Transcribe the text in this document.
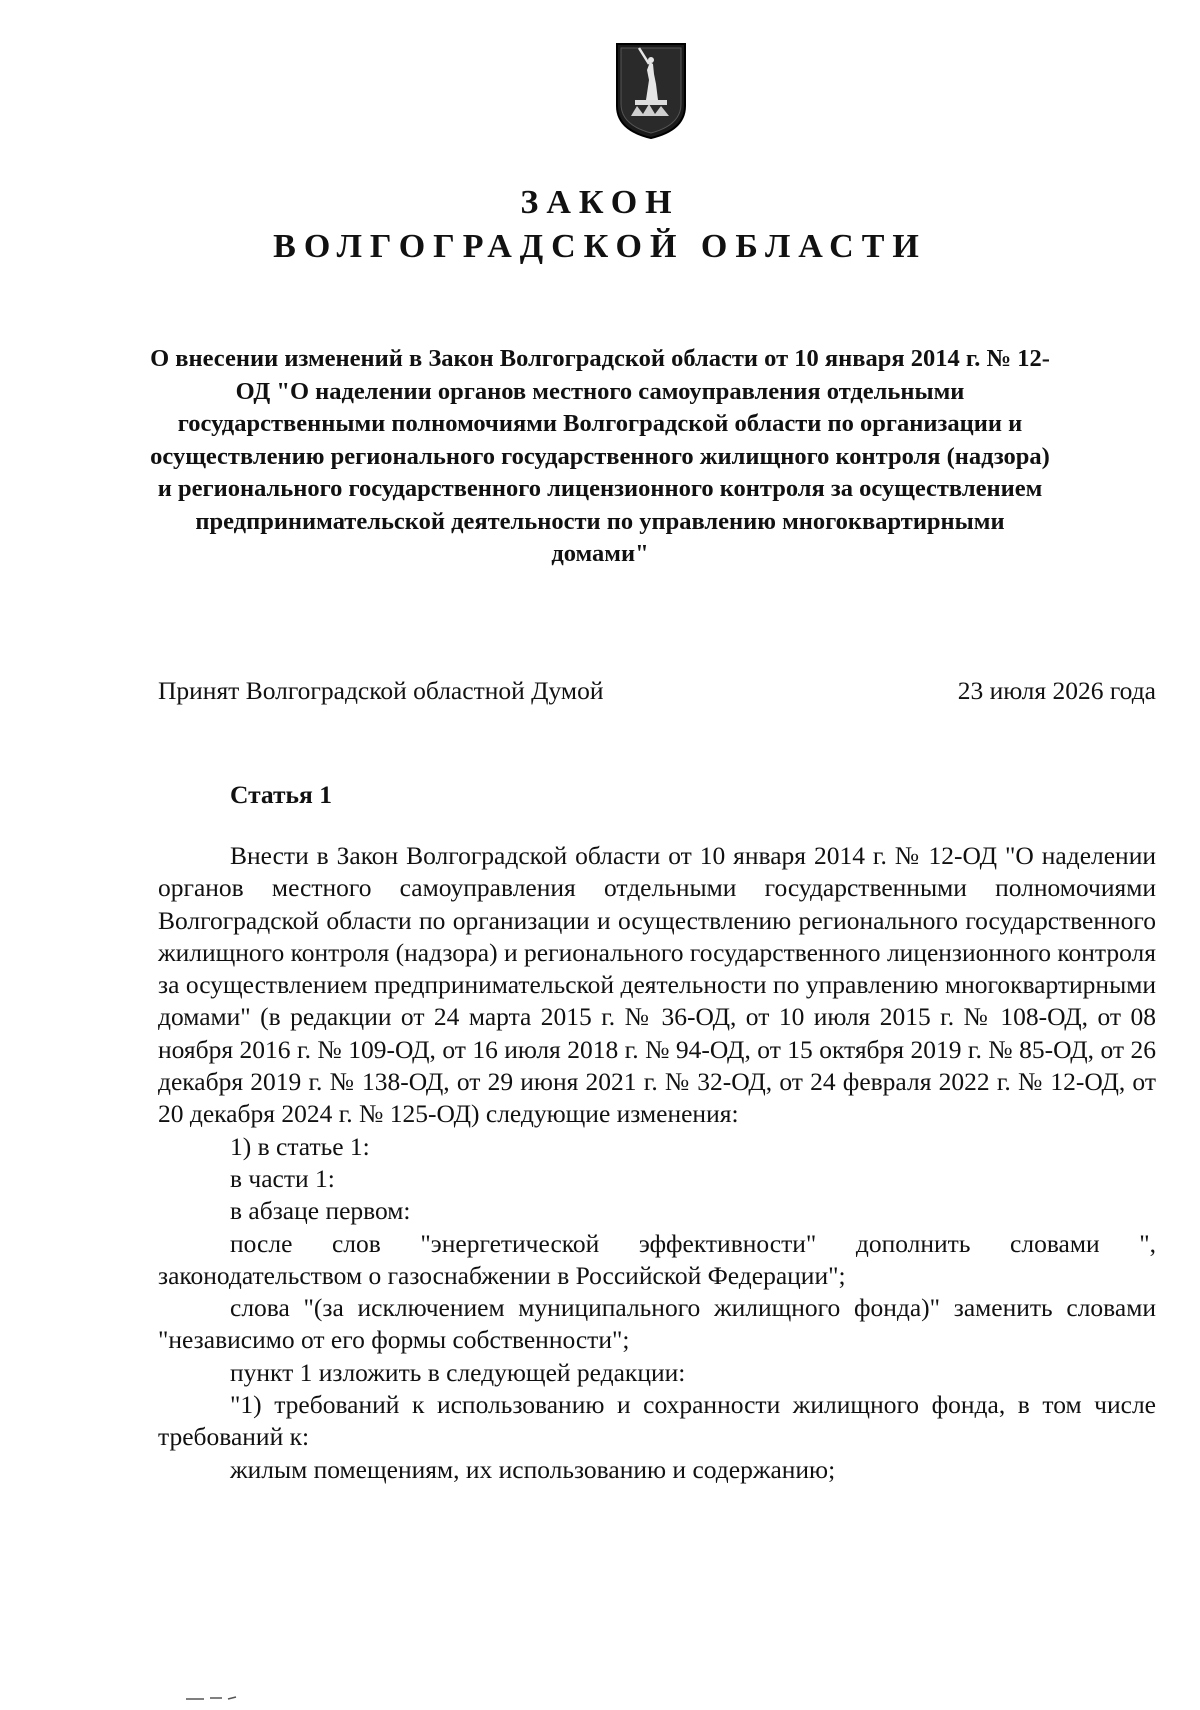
ЗАКОН
ВОЛГОГРАДСКОЙ ОБЛАСТИ

О внесении изменений в Закон Волгоградской области от 10 января 2014 г. № 12-ОД "О наделении органов местного самоуправления отдельными государственными полномочиями Волгоградской области по организации и осуществлению регионального государственного жилищного контроля (надзора) и регионального государственного лицензионного контроля за осуществлением предпринимательской деятельности по управлению многоквартирными домами"

Принят Волгоградской областной Думой	23 июля 2026 года

Статья 1

Внести в Закон Волгоградской области от 10 января 2014 г. № 12-ОД "О наделении органов местного самоуправления отдельными государственными полномочиями Волгоградской области по организации и осуществлению регионального государственного жилищного контроля (надзора) и регионального государственного лицензионного контроля за осуществлением предпринимательской деятельности по управлению многоквартирными домами" (в редакции от 24 марта 2015 г. № 36-ОД, от 10 июля 2015 г. № 108-ОД, от 08 ноября 2016 г. № 109-ОД, от 16 июля 2018 г. № 94-ОД, от 15 октября 2019 г. № 85-ОД, от 26 декабря 2019 г. № 138-ОД, от 29 июня 2021 г. № 32-ОД, от 24 февраля 2022 г. № 12-ОД, от 20 декабря 2024 г. № 125-ОД) следующие изменения:

1) в статье 1:

в части 1:

в абзаце первом:

после слов "энергетической эффективности" дополнить словами ", законодательством о газоснабжении в Российской Федерации";

слова "(за исключением муниципального жилищного фонда)" заменить словами "независимо от его формы собственности";

пункт 1 изложить в следующей редакции:

"1) требований к использованию и сохранности жилищного фонда, в том числе требований к:

жилым помещениям, их использованию и содержанию;
